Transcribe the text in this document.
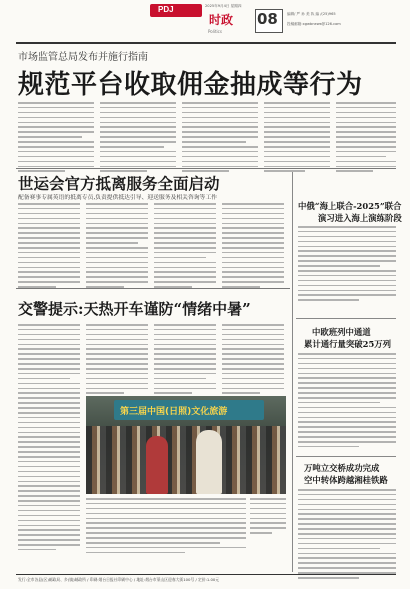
PDJ	2025年9月4日 星期四
时政
Politics
08	编辑/ 严 孙 美 执 编 /(25)965
投稿邮箱:xgwbnews@126.com
市场监管总局发布并施行指南
规范平台收取佣金抽成等行为
世运会官方抵离服务全面启动
配备赛事专属英语的抵离专员,负责提供抵达引导、迎送服务及相关咨询等工作
交警提示:天热开车谨防“情绪中暑”
第三届中国(日照)文化旅游
中俄“海上联合-2025”联合
演习进入海上演练阶段
中欧班列中通道
累计通行量突破25万列
万吨立交桥成功完成
空中转体跨越湘桂铁路
发行:全市各县(区)邮政局、乡(镇)邮政所 / 印刷:烟台日报社印刷中心 / 地址:烟台市莱山区迎春大街100号 / 定价:1.00元
